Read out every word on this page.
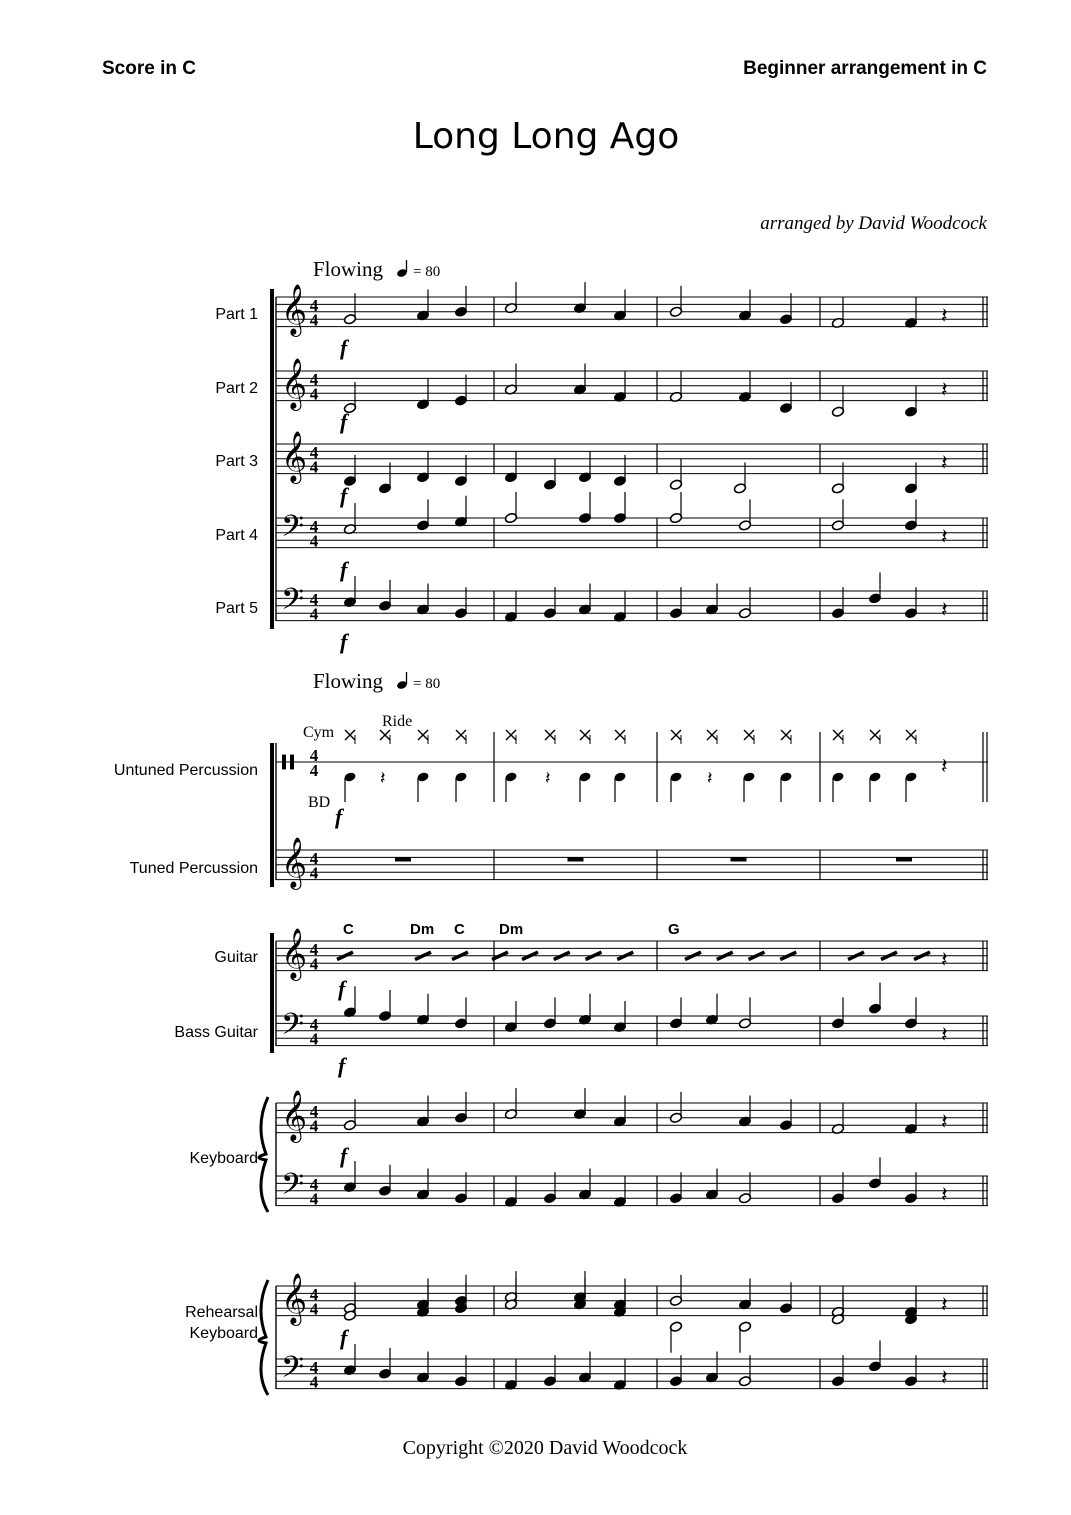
Score in C	Beginner arrangement in C
Long Long Ago
arranged by David Woodcock
Flowing = 80
Flowing = 80
Part 1
Part 2
Part 3
Part 4
Part 5
Untuned Percussion
Tuned Percussion
Guitar
Bass Guitar
Keyboard
Rehearsal
Keyboard
Cym
Ride
BD
C	Dm C Dm	G
𝄞 4
4
𝄞 4
4
𝄞 4
4
𝄞 4
4
𝄞 4
4
𝄞 4
4
𝄞 4
4
𝄢 4
4
𝄢 4
4
𝄢 4
4
𝄢 4
4
𝄢 4
4
4
4
𝄽
𝄽
𝄽
𝄽
𝄽
𝄽
𝄽
𝄽
𝄽
𝄽
𝄽	𝄽	𝄽	𝄽
𝄽
f
f
f
f
f
f
f
f
f
f
Copyright ©2020 David Woodcock
